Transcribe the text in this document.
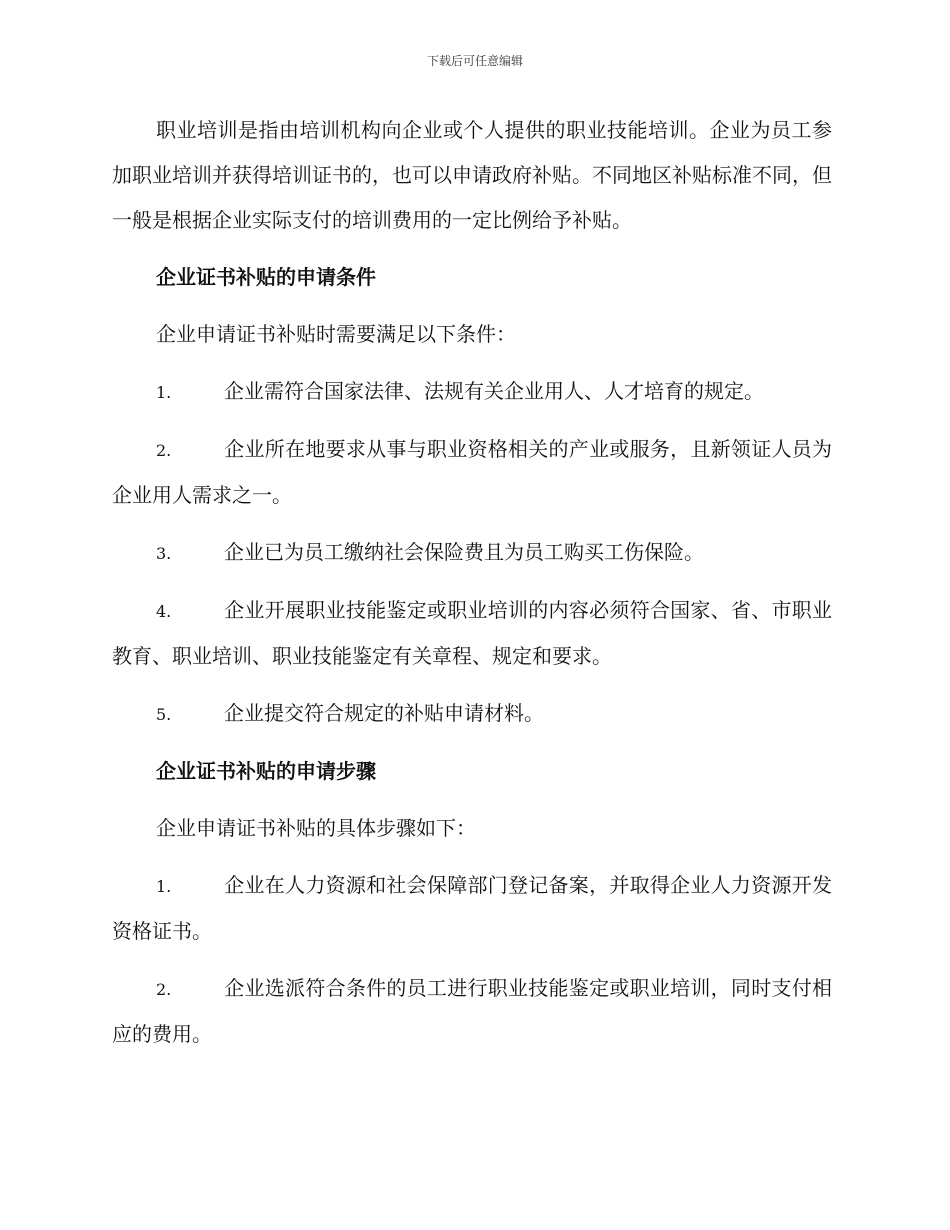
下载后可任意编辑

职业培训是指由培训机构向企业或个人提供的职业技能培训。企业为员工参加职业培训并获得培训证书的，也可以申请政府补贴。不同地区补贴标准不同，但一般是根据企业实际支付的培训费用的一定比例给予补贴。

企业证书补贴的申请条件

企业申请证书补贴时需要满足以下条件：

1.	企业需符合国家法律、法规有关企业用人、人才培育的规定。

2.	企业所在地要求从事与职业资格相关的产业或服务，且新领证人员为企业用人需求之一。

3.	企业已为员工缴纳社会保险费且为员工购买工伤保险。

4.	企业开展职业技能鉴定或职业培训的内容必须符合国家、省、市职业教育、职业培训、职业技能鉴定有关章程、规定和要求。

5.	企业提交符合规定的补贴申请材料。

企业证书补贴的申请步骤

企业申请证书补贴的具体步骤如下：

1.	企业在人力资源和社会保障部门登记备案，并取得企业人力资源开发资格证书。

2.	企业选派符合条件的员工进行职业技能鉴定或职业培训，同时支付相应的费用。
